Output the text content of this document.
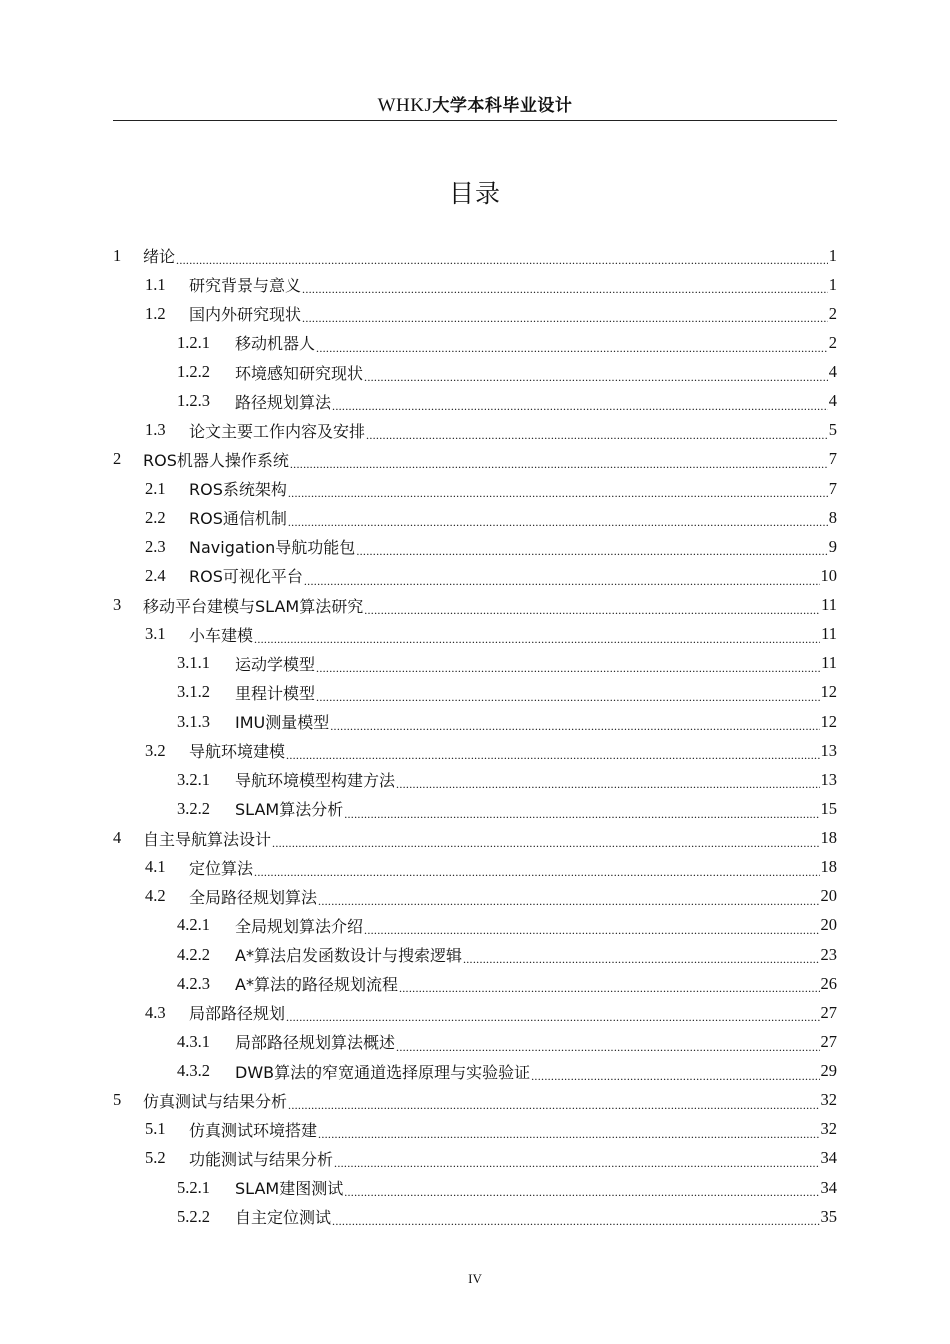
WHKJ大学本科毕业设计
目录
1	绪论 .....	1
1.1	研究背景与意义 .....	1
1.2	国内外研究现状 .....	2
1.2.1	移动机器人 .....	2
1.2.2	环境感知研究现状 .....	4
1.2.3	路径规划算法 .....	4
1.3	论文主要工作内容及安排 .....	5
2	ROS机器人操作系统 .....	7
2.1	ROS系统架构 .....	7
2.2	ROS通信机制 .....	8
2.3	Navigation导航功能包 .....	9
2.4	ROS可视化平台 .....	10
3	移动平台建模与SLAM算法研究 .....	11
3.1	小车建模 .....	11
3.1.1	运动学模型 .....	11
3.1.2	里程计模型 .....	12
3.1.3	IMU测量模型 .....	12
3.2	导航环境建模 .....	13
3.2.1	导航环境模型构建方法 .....	13
3.2.2	SLAM算法分析 .....	15
4	自主导航算法设计 .....	18
4.1	定位算法 .....	18
4.2	全局路径规划算法 .....	20
4.2.1	全局规划算法介绍 .....	20
4.2.2	A*算法启发函数设计与搜索逻辑 .....	23
4.2.3	A*算法的路径规划流程 .....	26
4.3	局部路径规划 .....	27
4.3.1	局部路径规划算法概述 .....	27
4.3.2	DWB算法的窄宽通道选择原理与实验验证 .....	29
5	仿真测试与结果分析 .....	32
5.1	仿真测试环境搭建 .....	32
5.2	功能测试与结果分析 .....	34
5.2.1	SLAM建图测试 .....	34
5.2.2	自主定位测试 .....	35
IV
